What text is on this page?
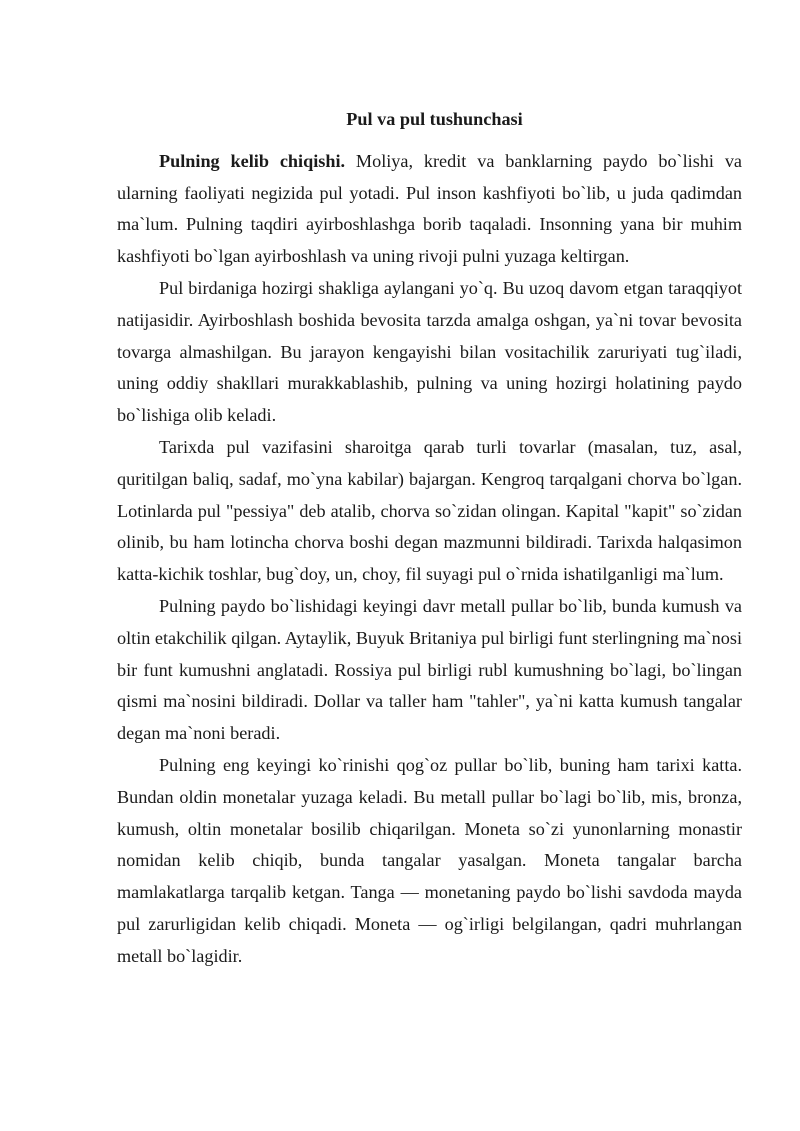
Pul va pul tushunchasi

Pulning kelib chiqishi. Moliya, kredit va banklarning paydo bo`lishi va ularning faoliyati negizida pul yotadi. Pul inson kashfiyoti bo`lib, u juda qadimdan ma`lum. Pulning taqdiri ayirboshlashga borib taqaladi. Insonning yana bir muhim kashfiyoti bo`lgan ayirboshlash va uning rivoji pulni yuzaga keltirgan.

Pul birdaniga hozirgi shakliga aylangani yo`q. Bu uzoq davom etgan taraqqiyot natijasidir. Ayirboshlash boshida bevosita tarzda amalga oshgan, ya`ni tovar bevosita tovarga almashilgan. Bu jarayon kengayishi bilan vositachilik zaruriyati tug`iladi, uning oddiy shakllari murakkablashib, pulning va uning hozirgi holatining paydo bo`lishiga olib keladi.

Tarixda pul vazifasini sharoitga qarab turli tovarlar (masalan, tuz, asal, quritilgan baliq, sadaf, mo`yna kabilar) bajargan. Kengroq tarqalgani chorva bo`lgan. Lotinlarda pul "pessiya" deb atalib, chorva so`zidan olingan. Kapital "kapit" so`zidan olinib, bu ham lotincha chorva boshi degan mazmunni bildiradi. Tarixda halqasimon katta-kichik toshlar, bug`doy, un, choy, fil suyagi pul o`rnida ishatilganligi ma`lum.

Pulning paydo bo`lishidagi keyingi davr metall pullar bo`lib, bunda kumush va oltin etakchilik qilgan. Aytaylik, Buyuk Britaniya pul birligi funt sterlingning ma`nosi bir funt kumushni anglatadi. Rossiya pul birligi rubl kumushning bo`lagi, bo`lingan qismi ma`nosini bildiradi. Dollar va taller ham "tahler", ya`ni katta kumush tangalar degan ma`noni beradi.

Pulning eng keyingi ko`rinishi qog`oz pullar bo`lib, buning ham tarixi katta. Bundan oldin monetalar yuzaga keladi. Bu metall pullar bo`lagi bo`lib, mis, bronza, kumush, oltin monetalar bosilib chiqarilgan. Moneta so`zi yunonlarning monastir nomidan kelib chiqib, bunda tangalar yasalgan. Moneta tangalar barcha mamlakatlarga tarqalib ketgan. Tanga — monetaning paydo bo`lishi savdoda mayda pul zarurligidan kelib chiqadi. Moneta — og`irligi belgilangan, qadri muhrlangan metall bo`lagidir.
